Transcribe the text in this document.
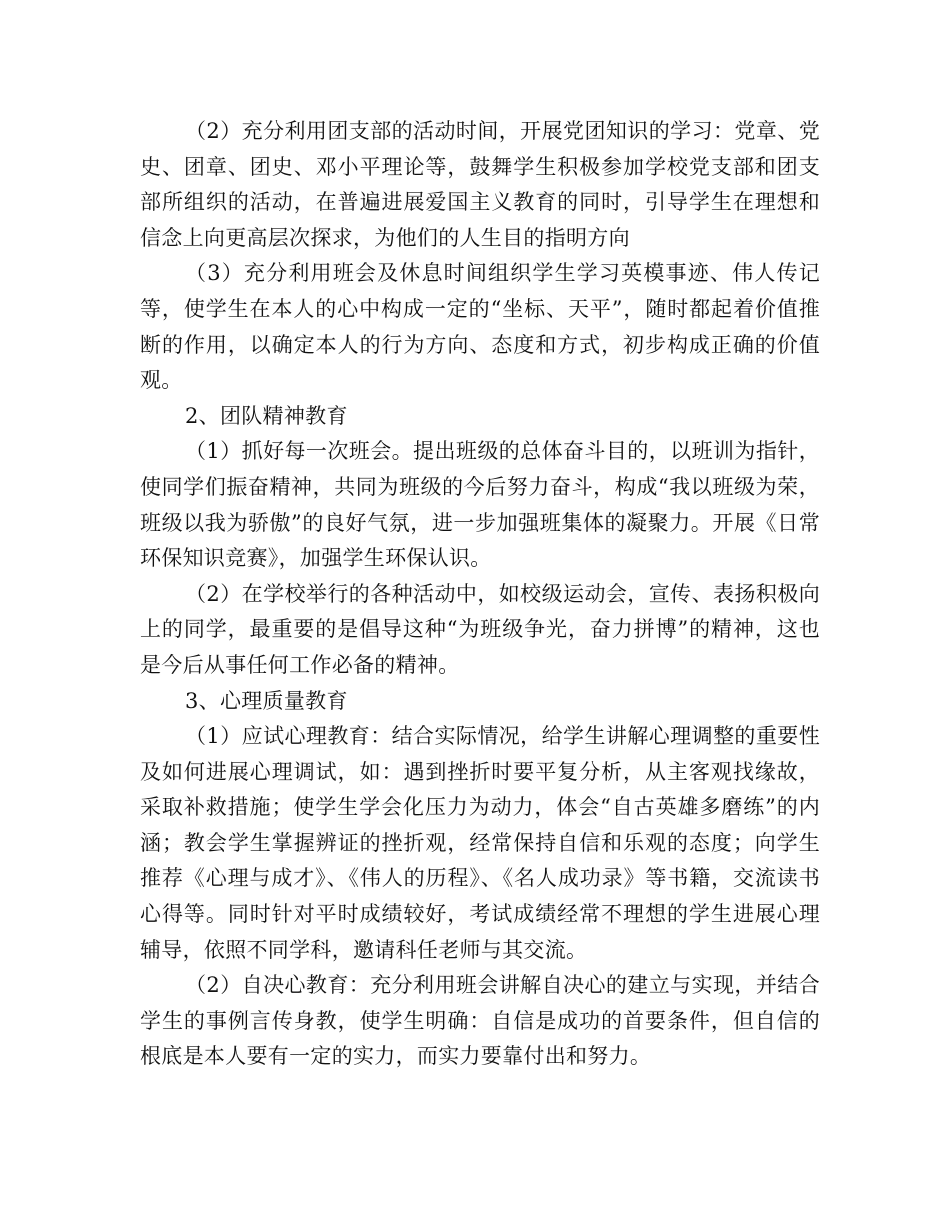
（2）充分利用团支部的活动时间，开展党团知识的学习：党章、党史、团章、团史、邓小平理论等，鼓舞学生积极参加学校党支部和团支部所组织的活动，在普遍进展爱国主义教育的同时，引导学生在理想和信念上向更高层次探求，为他们的人生目的指明方向

（3）充分利用班会及休息时间组织学生学习英模事迹、伟人传记等，使学生在本人的心中构成一定的“坐标、天平”，随时都起着价值推断的作用，以确定本人的行为方向、态度和方式，初步构成正确的价值观。

2、团队精神教育

（1）抓好每一次班会。提出班级的总体奋斗目的，以班训为指针，使同学们振奋精神，共同为班级的今后努力奋斗，构成“我以班级为荣，班级以我为骄傲”的良好气氛，进一步加强班集体的凝聚力。开展《日常环保知识竞赛》，加强学生环保认识。

（2）在学校举行的各种活动中，如校级运动会，宣传、表扬积极向上的同学，最重要的是倡导这种“为班级争光，奋力拼博”的精神，这也是今后从事任何工作必备的精神。

3、心理质量教育

（1）应试心理教育：结合实际情况，给学生讲解心理调整的重要性及如何进展心理调试，如：遇到挫折时要平复分析，从主客观找缘故，采取补救措施；使学生学会化压力为动力，体会“自古英雄多磨练”的内涵；教会学生掌握辨证的挫折观，经常保持自信和乐观的态度；向学生推荐《心理与成才》、《伟人的历程》、《名人成功录》等书籍，交流读书心得等。同时针对平时成绩较好，考试成绩经常不理想的学生进展心理辅导，依照不同学科，邀请科任老师与其交流。

（2）自决心教育：充分利用班会讲解自决心的建立与实现，并结合学生的事例言传身教，使学生明确：自信是成功的首要条件，但自信的根底是本人要有一定的实力，而实力要靠付出和努力。
